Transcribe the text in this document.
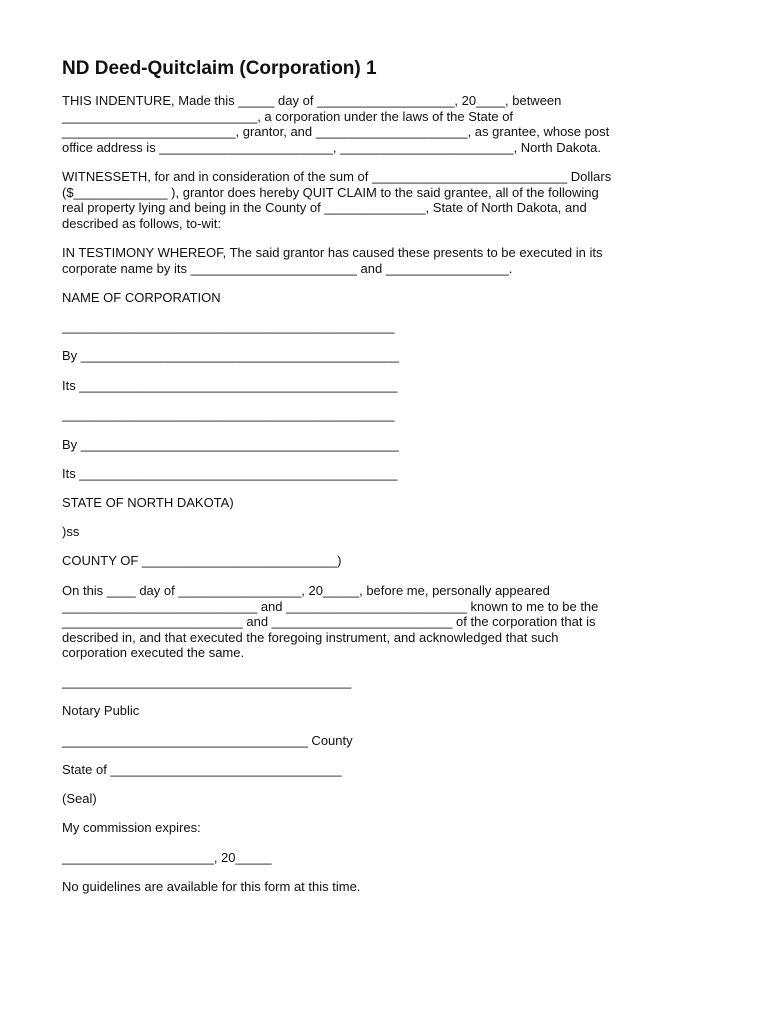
ND Deed-Quitclaim (Corporation) 1

THIS INDENTURE, Made this _____ day of ___________________, 20____, between
___________________________, a corporation under the laws of the State of
________________________, grantor, and _____________________, as grantee, whose post
office address is ________________________, ________________________, North Dakota.

WITNESSETH, for and in consideration of the sum of ___________________________ Dollars
($_____________ ), grantor does hereby QUIT CLAIM to the said grantee, all of the following
real property lying and being in the County of ______________, State of North Dakota, and
described as follows, to-wit:

IN TESTIMONY WHEREOF, The said grantor has caused these presents to be executed in its
corporate name by its _______________________ and _________________.

NAME OF CORPORATION

______________________________________________

By ____________________________________________

Its ____________________________________________

______________________________________________

By ____________________________________________

Its ____________________________________________

STATE OF NORTH DAKOTA)

)ss

COUNTY OF ___________________________)

On this ____ day of _________________, 20_____, before me, personally appeared
___________________________ and _________________________ known to me to be the
_________________________ and _________________________ of the corporation that is
described in, and that executed the foregoing instrument, and acknowledged that such
corporation executed the same.

________________________________________

Notary Public

__________________________________ County

State of ________________________________

(Seal)

My commission expires:

_____________________, 20_____

No guidelines are available for this form at this time.
